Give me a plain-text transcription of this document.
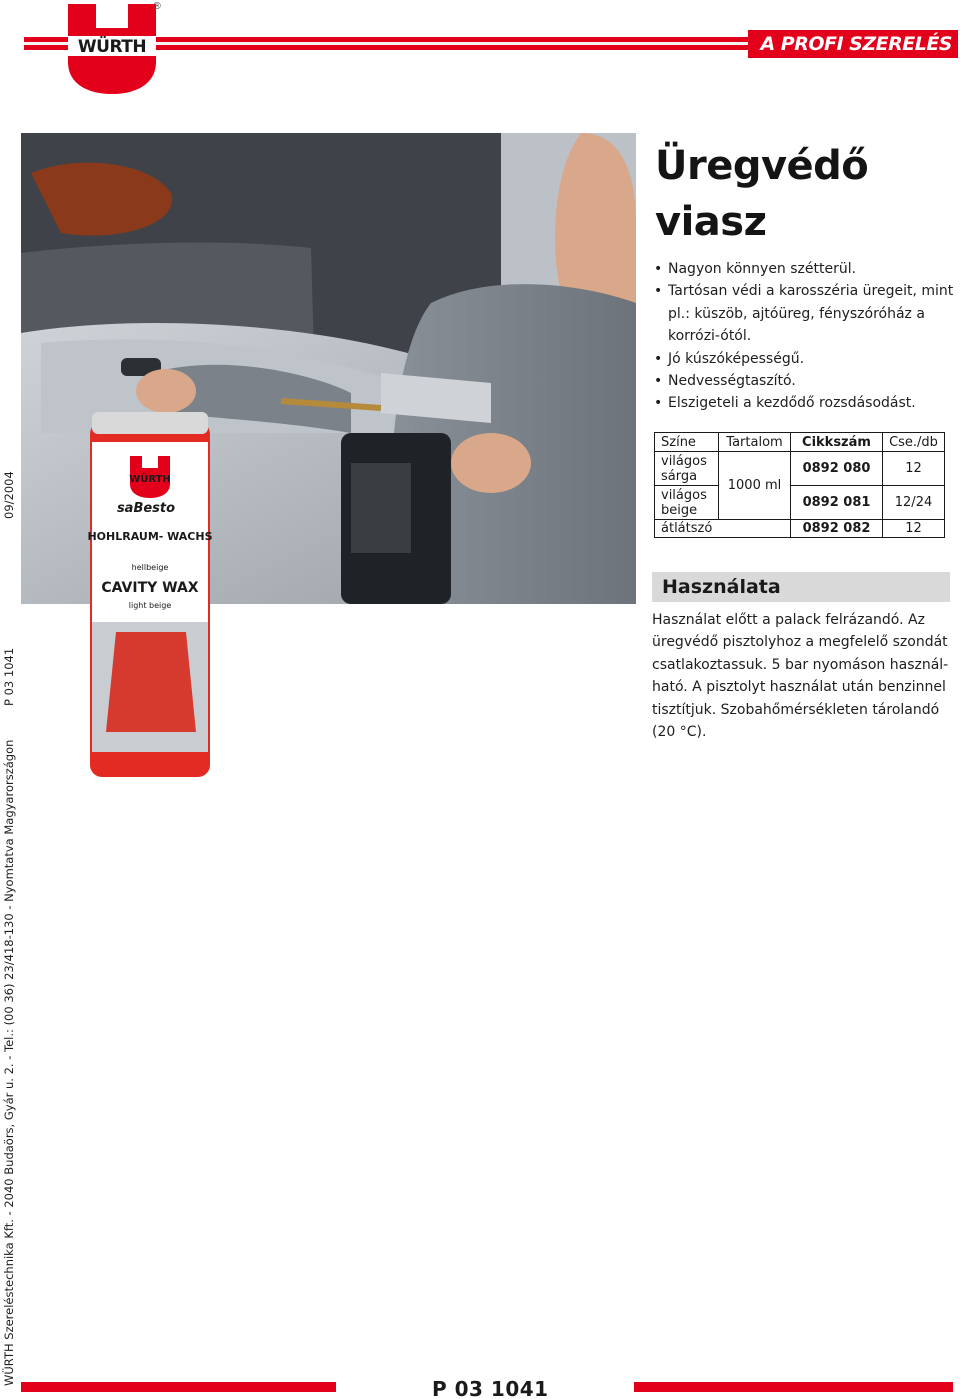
A PROFI SZERELÉS
WÜRTH
®
WÜRTH
saBesto
HOHLRAUM- WACHS
hellbeige
CAVITY WAX
light beige
Üregvédő viasz
• Nagyon könnyen szétterül.
• Tartósan védi a karosszéria üregeit, mint pl.: küszöb, ajtóüreg, fényszóróház a korrózi-ótól.
• Jó kúszóképességű.
• Nedvességtaszító.
• Elszigeteli a kezdődő rozsdásodást.
Színe	Tartalom	Cikkszám	Cse./db
világos sárga	1000 ml	0892 080	12
világos beige		0892 081	12/24
átlátszó		0892 082	12
Használata

Használat előtt a palack felrázandó. Az üregvédő pisztolyhoz a megfelelő szondát csatlakoztassuk. 5 bar nyomáson használ-ható. A pisztolyt használat után benzinnel tisztítjuk. Szobahőmérsékleten tárolandó (20 °C).

09/2004
P 03 1041
WÜRTH Szereléstechnika Kft. - 2040 Budaörs, Gyár u. 2. - Tel.: (00 36) 23/418-130 - Nyomtatva Magyarországon
P 03 1041
